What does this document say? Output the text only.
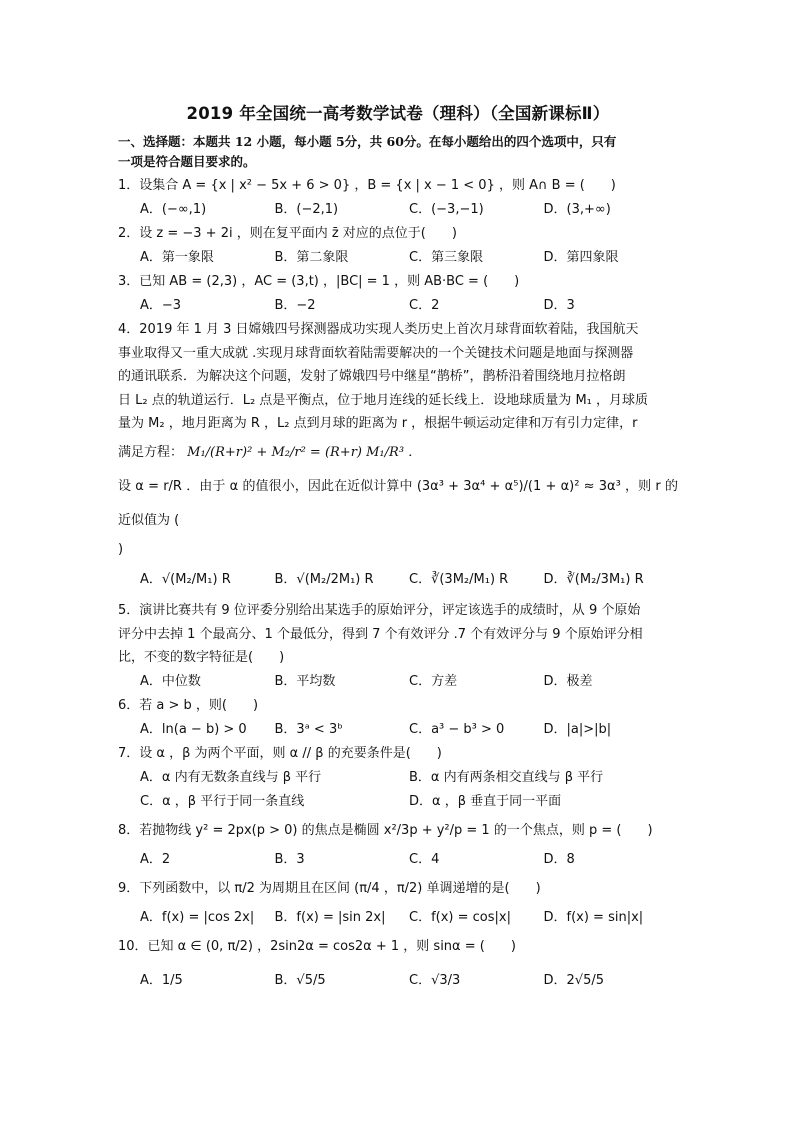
2019 年全国统一高考数学试卷（理科）（全国新课标Ⅱ）
一、选择题：本题共 12 小题，每小题 5分，共 60分。在每小题给出的四个选项中，只有
一项是符合题目要求的。
1．设集合 A = {x | x² − 5x + 6 > 0} ，B = {x | x − 1 < 0} ，则 A∩ B = (　　)
A．(−∞,1)	B．(−2,1)	C．(−3,−1)	D．(3,+∞)
2．设 z = −3 + 2i ，则在复平面内 z̄ 对应的点位于(　　)
A．第一象限	B．第二象限	C．第三象限	D．第四象限
3．已知 AB = (2,3) ，AC = (3,t) ，|BC| = 1 ，则 AB·BC = (　　)
A．−3	B．−2	C．2	D．3
4．2019 年 1 月 3 日嫦娥四号探测器成功实现人类历史上首次月球背面软着陆，我国航天
事业取得又一重大成就 .实现月球背面软着陆需要解决的一个关键技术问题是地面与探测器
的通讯联系．为解决这个问题，发射了嫦娥四号中继星“鹊桥”，鹊桥沿着围绕地月拉格朗
日 L₂ 点的轨道运行．L₂ 点是平衡点，位于地月连线的延长线上．设地球质量为 M₁ ，月球质
量为 M₂ ，地月距离为 R ，L₂ 点到月球的距离为 r ，根据牛顿运动定律和万有引力定律，r
满足方程： M₁/(R+r)² + M₂/r² = (R+r) M₁/R³ ．
设 α = r/R ．由于 α 的值很小，因此在近似计算中 (3α³ + 3α⁴ + α⁵)/(1 + α)² ≈ 3α³ ，则 r 的近似值为 (
)
A．√(M₂/M₁) R	B．√(M₂/2M₁) R	C．∛(3M₂/M₁) R	D．∛(M₂/3M₁) R
5．演讲比赛共有 9 位评委分别给出某选手的原始评分，评定该选手的成绩时，从 9 个原始
评分中去掉 1 个最高分、1 个最低分，得到 7 个有效评分 .7 个有效评分与 9 个原始评分相
比，不变的数字特征是(　　)
A．中位数	B．平均数	C．方差	D．极差
6．若 a > b ，则(　　)
A．ln(a − b) > 0	B．3ᵃ < 3ᵇ	C．a³ − b³ > 0	D．|a|>|b|
7．设 α ，β 为两个平面，则 α // β 的充要条件是(　　)
A．α 内有无数条直线与 β 平行	B．α 内有两条相交直线与 β 平行
C．α ，β 平行于同一条直线	D．α ，β 垂直于同一平面
8．若抛物线 y² = 2px(p > 0) 的焦点是椭圆 x²/3p + y²/p = 1 的一个焦点，则 p = (　　)
A．2	B．3	C．4	D．8
9．下列函数中，以 π/2 为周期且在区间 (π/4 ，π/2) 单调递增的是(　　)
A．f(x) = |cos 2x|	B．f(x) = |sin 2x|	C．f(x) = cos|x|	D．f(x) = sin|x|
10．已知 α ∈ (0, π/2) ，2sin2α = cos2α + 1 ，则 sinα = (　　)
A．1/5	B．√5/5	C．√3/3	D．2√5/5
